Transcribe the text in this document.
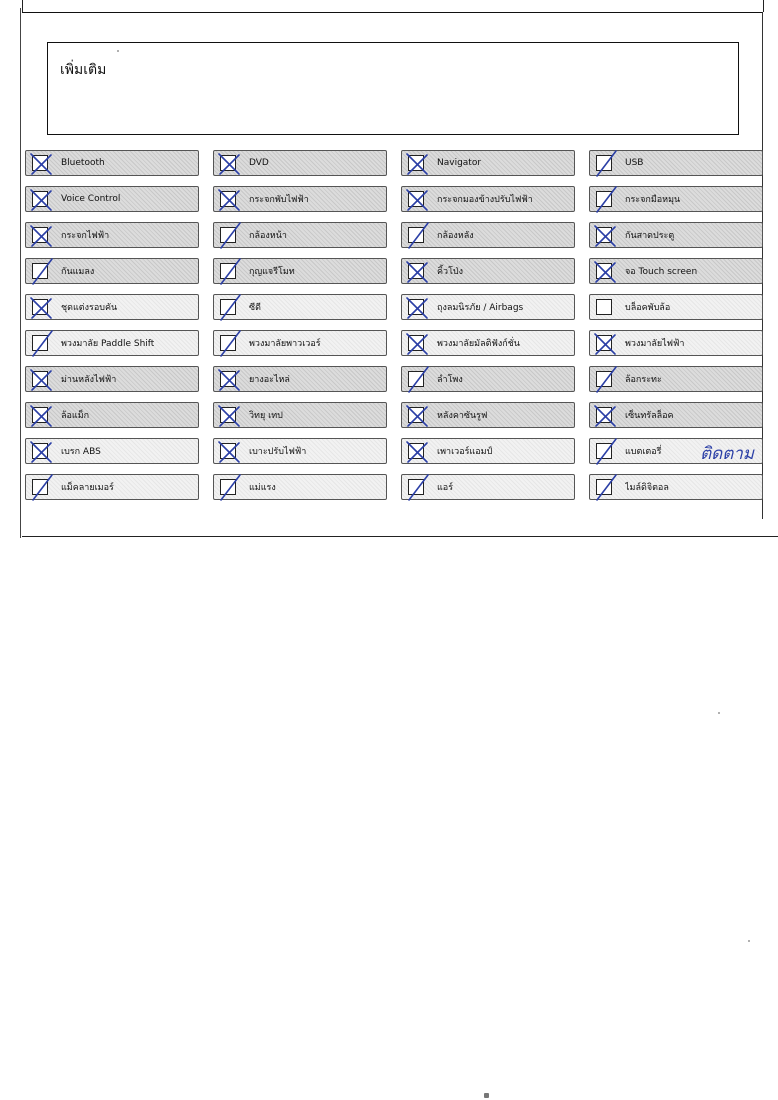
เพิ่มเติม
Bluetooth	DVD	Navigator	USB
Voice Control	กระจกพับไฟฟ้า	กระจกมองข้างปรับไฟฟ้า	กระจกมือหมุน
กระจกไฟฟ้า	กล้องหน้า	กล้องหลัง	กันสาดประตู
กันแมลง	กุญแจรีโมท	คิ้วโป่ง	จอ Touch screen
ชุดแต่งรอบคัน	ซีดี	ถุงลมนิรภัย / Airbags	บล็อคพับล้อ
พวงมาลัย Paddle Shift	พวงมาลัยพาวเวอร์	พวงมาลัยมัลติฟังก์ชั่น	พวงมาลัยไฟฟ้า
ม่านหลังไฟฟ้า	ยางอะไหล่	ลำโพง	ล้อกระทะ
ล้อแม็ก	วิทยุ เทป	หลังคาซันรูฟ	เซ็นทรัลล็อค
เบรก ABS	เบาะปรับไฟฟ้า	เพาเวอร์แอมป์	แบตเตอรี่ ติดตาม
แม็คลายเมอร์	แม่แรง	แอร์	ไมล์ดิจิตอล
